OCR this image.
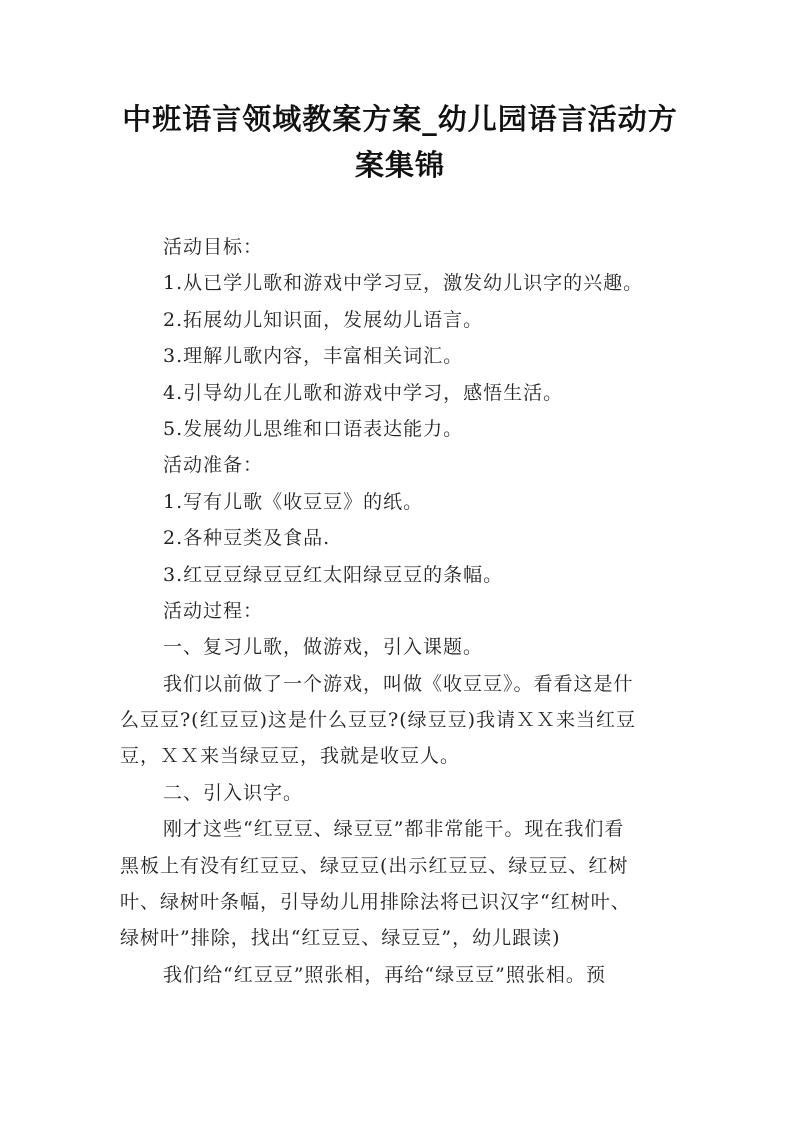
中班语言领域教案方案_幼儿园语言活动方
案集锦
活动目标：
1.从已学儿歌和游戏中学习豆，激发幼儿识字的兴趣。
2.拓展幼儿知识面，发展幼儿语言。
3.理解儿歌内容，丰富相关词汇。
4.引导幼儿在儿歌和游戏中学习，感悟生活。
5.发展幼儿思维和口语表达能力。
活动准备：
1.写有儿歌《收豆豆》的纸。
2.各种豆类及食品.
3.红豆豆绿豆豆红太阳绿豆豆的条幅。
活动过程：
一、复习儿歌，做游戏，引入课题。
我们以前做了一个游戏，叫做《收豆豆》。看看这是什
么豆豆?(红豆豆)这是什么豆豆?(绿豆豆)我请ＸＸ来当红豆
豆，ＸＸ来当绿豆豆，我就是收豆人。
二、引入识字。
刚才这些“红豆豆、绿豆豆”都非常能干。现在我们看
黑板上有没有红豆豆、绿豆豆(出示红豆豆、绿豆豆、红树
叶、绿树叶条幅，引导幼儿用排除法将已识汉字“红树叶、
绿树叶”排除，找出“红豆豆、绿豆豆”，幼儿跟读)
我们给“红豆豆”照张相，再给“绿豆豆”照张相。预
